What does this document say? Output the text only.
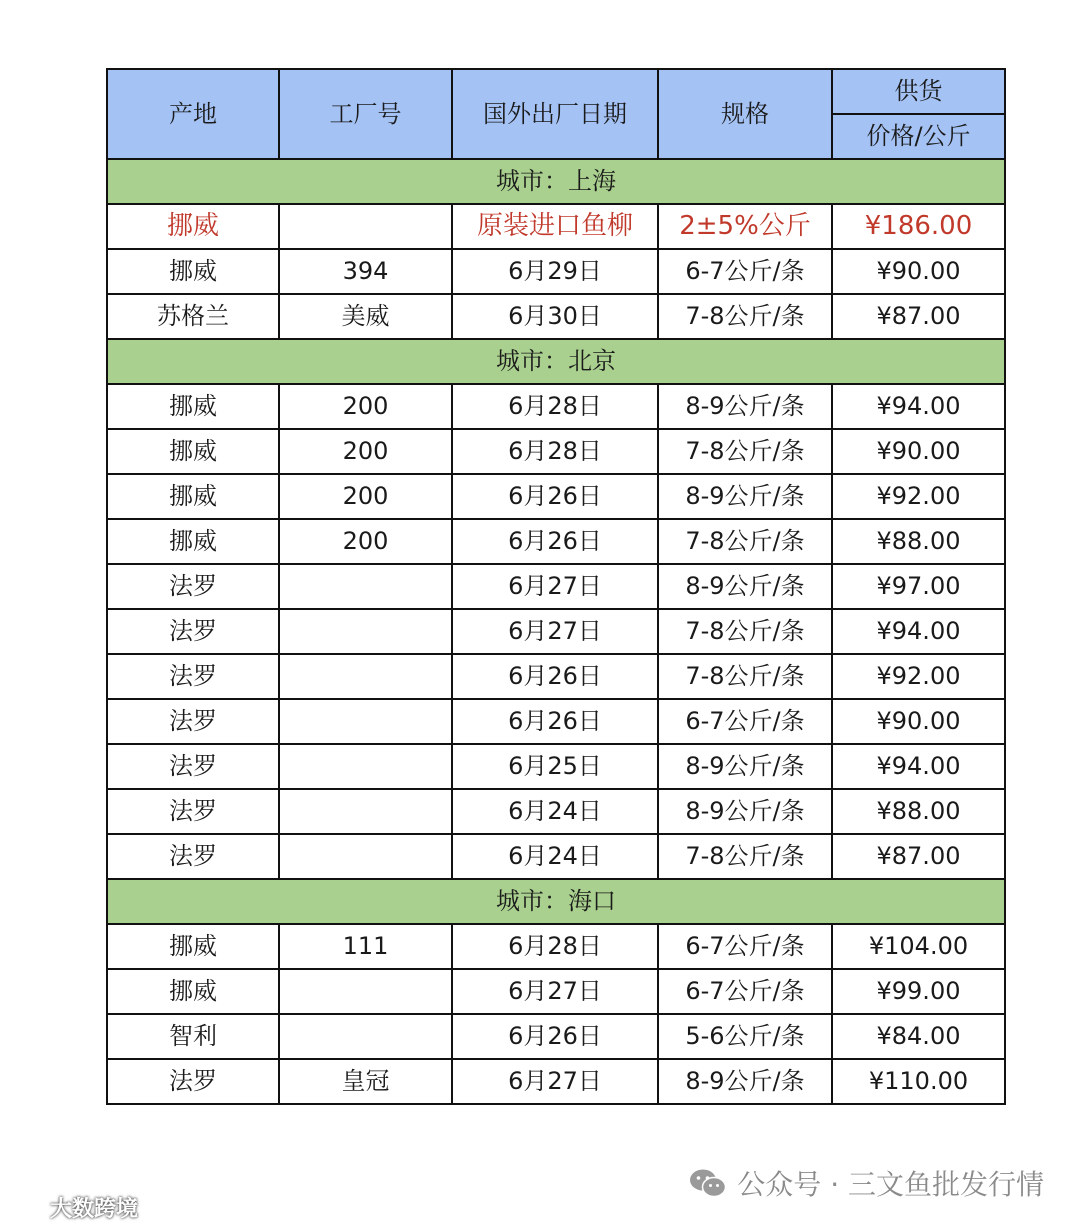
产地	工厂号	国外出厂日期	规格	供货
				价格/公斤
城市：上海				
挪威		原装进口鱼柳	2±5%公斤	¥186.00
挪威	394	6月29日	6-7公斤/条	¥90.00
苏格兰	美威	6月30日	7-8公斤/条	¥87.00
城市：北京				
挪威	200	6月28日	8-9公斤/条	¥94.00
挪威	200	6月28日	7-8公斤/条	¥90.00
挪威	200	6月26日	8-9公斤/条	¥92.00
挪威	200	6月26日	7-8公斤/条	¥88.00
法罗		6月27日	8-9公斤/条	¥97.00
法罗		6月27日	7-8公斤/条	¥94.00
法罗		6月26日	7-8公斤/条	¥92.00
法罗		6月26日	6-7公斤/条	¥90.00
法罗		6月25日	8-9公斤/条	¥94.00
法罗		6月24日	8-9公斤/条	¥88.00
法罗		6月24日	7-8公斤/条	¥87.00
城市：海口				
挪威	111	6月28日	6-7公斤/条	¥104.00
挪威		6月27日	6-7公斤/条	¥99.00
智利		6月26日	5-6公斤/条	¥84.00
法罗	皇冠	6月27日	8-9公斤/条	¥110.00
公众号 · 三文鱼批发行情
大数跨境
